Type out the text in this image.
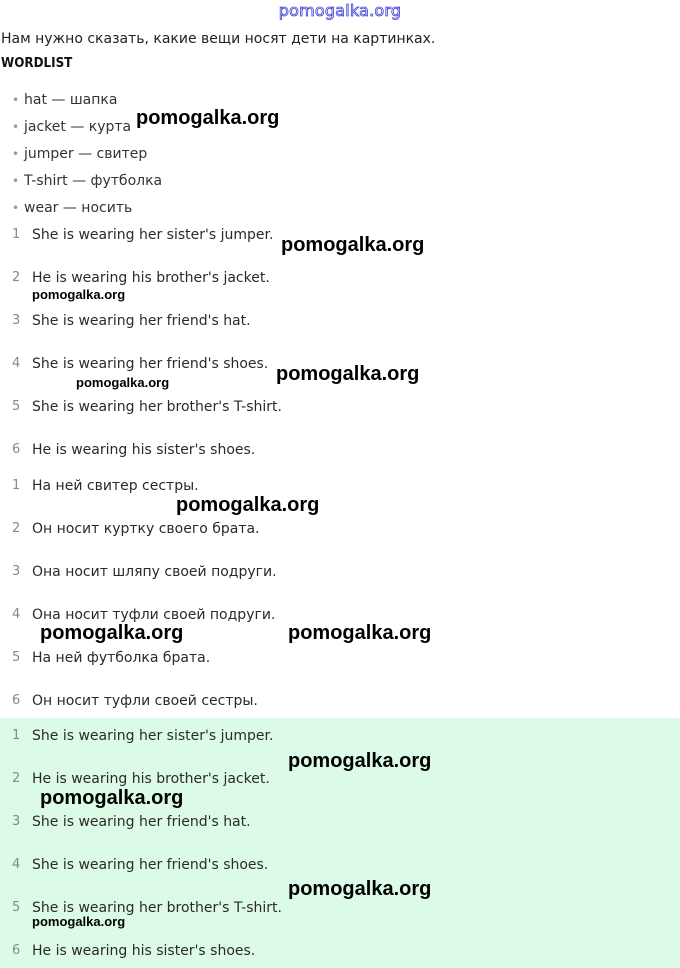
pomogalka.org
Нам нужно сказать, какие вещи носят дети на картинках.
WORDLIST
• hat — шапка
• jacket — курта
• jumper — свитер
• T-shirt — футболка
• wear — носить
1 She is wearing her sister's jumper.
2 He is wearing his brother's jacket.
3 She is wearing her friend's hat.
4 She is wearing her friend's shoes.
5 She is wearing her brother's T-shirt.
6 He is wearing his sister's shoes.
1 На ней свитер сестры.
2 Он носит куртку своего брата.
3 Она носит шляпу своей подруги.
4 Она носит туфли своей подруги.
5 На ней футболка брата.
6 Он носит туфли своей сестры.
1 She is wearing her sister's jumper.
2 He is wearing his brother's jacket.
3 She is wearing her friend's hat.
4 She is wearing her friend's shoes.
5 She is wearing her brother's T-shirt.
6 He is wearing his sister's shoes.
pomogalka.org
pomogalka.org
pomogalka.org
pomogalka.org
pomogalka.org
pomogalka.org
pomogalka.org	pomogalka.org
pomogalka.org
pomogalka.org
pomogalka.org
pomogalka.org
